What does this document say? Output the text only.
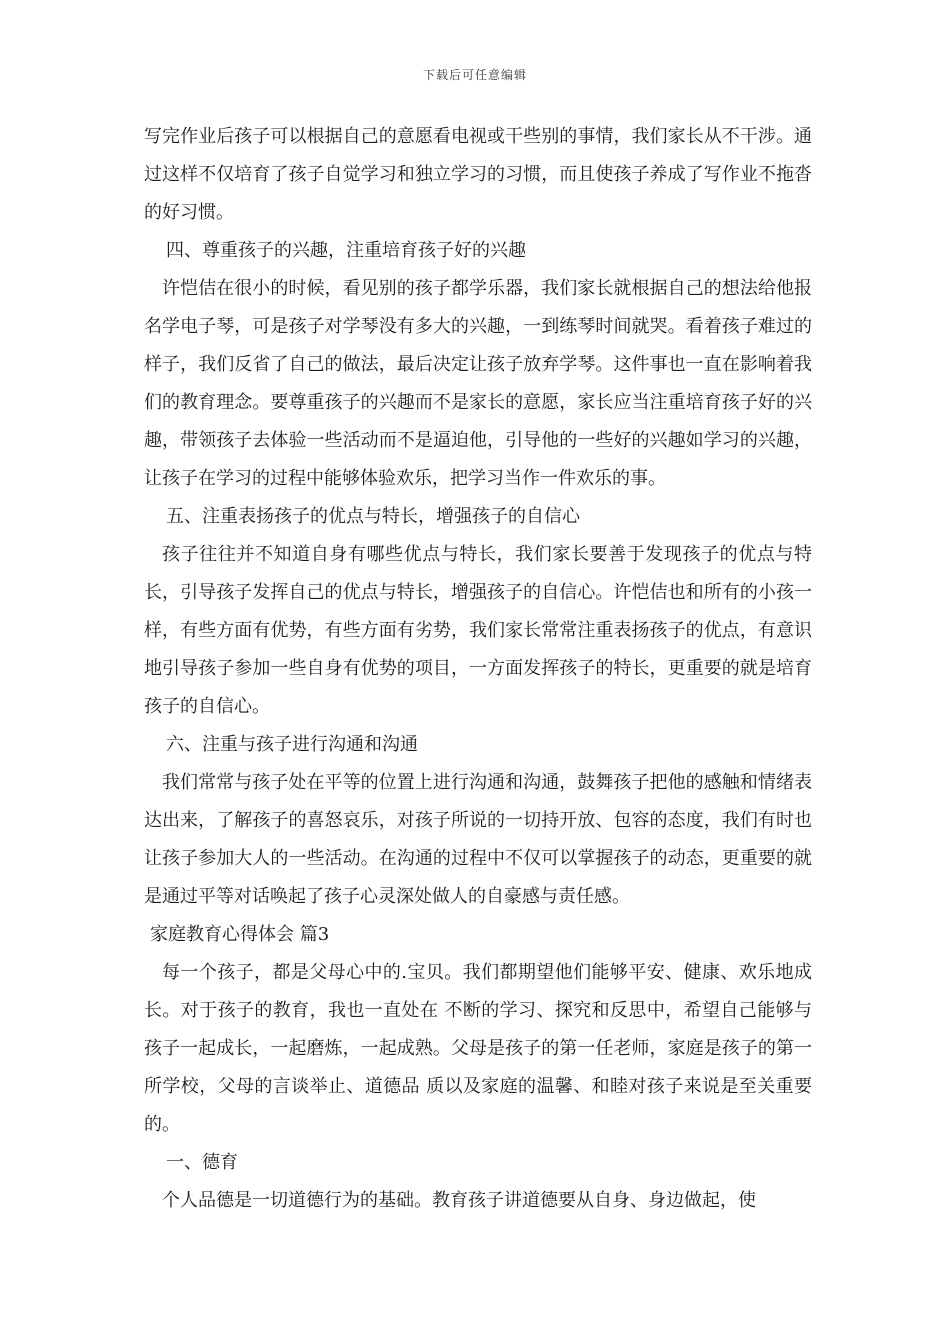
下载后可任意编辑

写完作业后孩子可以根据自己的意愿看电视或干些别的事情，我们家长从不干涉。通过这样不仅培育了孩子自觉学习和独立学习的习惯，而且使孩子养成了写作业不拖沓的好习惯。

四、尊重孩子的兴趣，注重培育孩子好的兴趣

许恺佶在很小的时候，看见别的孩子都学乐器，我们家长就根据自己的想法给他报名学电子琴，可是孩子对学琴没有多大的兴趣，一到练琴时间就哭。看着孩子难过的样子，我们反省了自己的做法，最后决定让孩子放弃学琴。这件事也一直在影响着我们的教育理念。要尊重孩子的兴趣而不是家长的意愿，家长应当注重培育孩子好的兴趣，带领孩子去体验一些活动而不是逼迫他，引导他的一些好的兴趣如学习的兴趣，让孩子在学习的过程中能够体验欢乐，把学习当作一件欢乐的事。

五、注重表扬孩子的优点与特长，增强孩子的自信心

孩子往往并不知道自身有哪些优点与特长，我们家长要善于发现孩子的优点与特长，引导孩子发挥自己的优点与特长，增强孩子的自信心。许恺佶也和所有的小孩一样，有些方面有优势，有些方面有劣势，我们家长常常注重表扬孩子的优点，有意识地引导孩子参加一些自身有优势的项目，一方面发挥孩子的特长，更重要的就是培育孩子的自信心。

六、注重与孩子进行沟通和沟通

我们常常与孩子处在平等的位置上进行沟通和沟通，鼓舞孩子把他的感触和情绪表达出来，了解孩子的喜怒哀乐，对孩子所说的一切持开放、包容的态度，我们有时也让孩子参加大人的一些活动。在沟通的过程中不仅可以掌握孩子的动态，更重要的就是通过平等对话唤起了孩子心灵深处做人的自豪感与责任感。

家庭教育心得体会 篇3

每一个孩子，都是父母心中的.宝贝。我们都期望他们能够平安、健康、欢乐地成长。对于孩子的教育，我也一直处在 不断的学习、探究和反思中，希望自己能够与孩子一起成长，一起磨炼，一起成熟。父母是孩子的第一任老师，家庭是孩子的第一所学校，父母的言谈举止、道德品 质以及家庭的温馨、和睦对孩子来说是至关重要的。

一、德育

个人品德是一切道德行为的基础。教育孩子讲道德要从自身、身边做起，使
